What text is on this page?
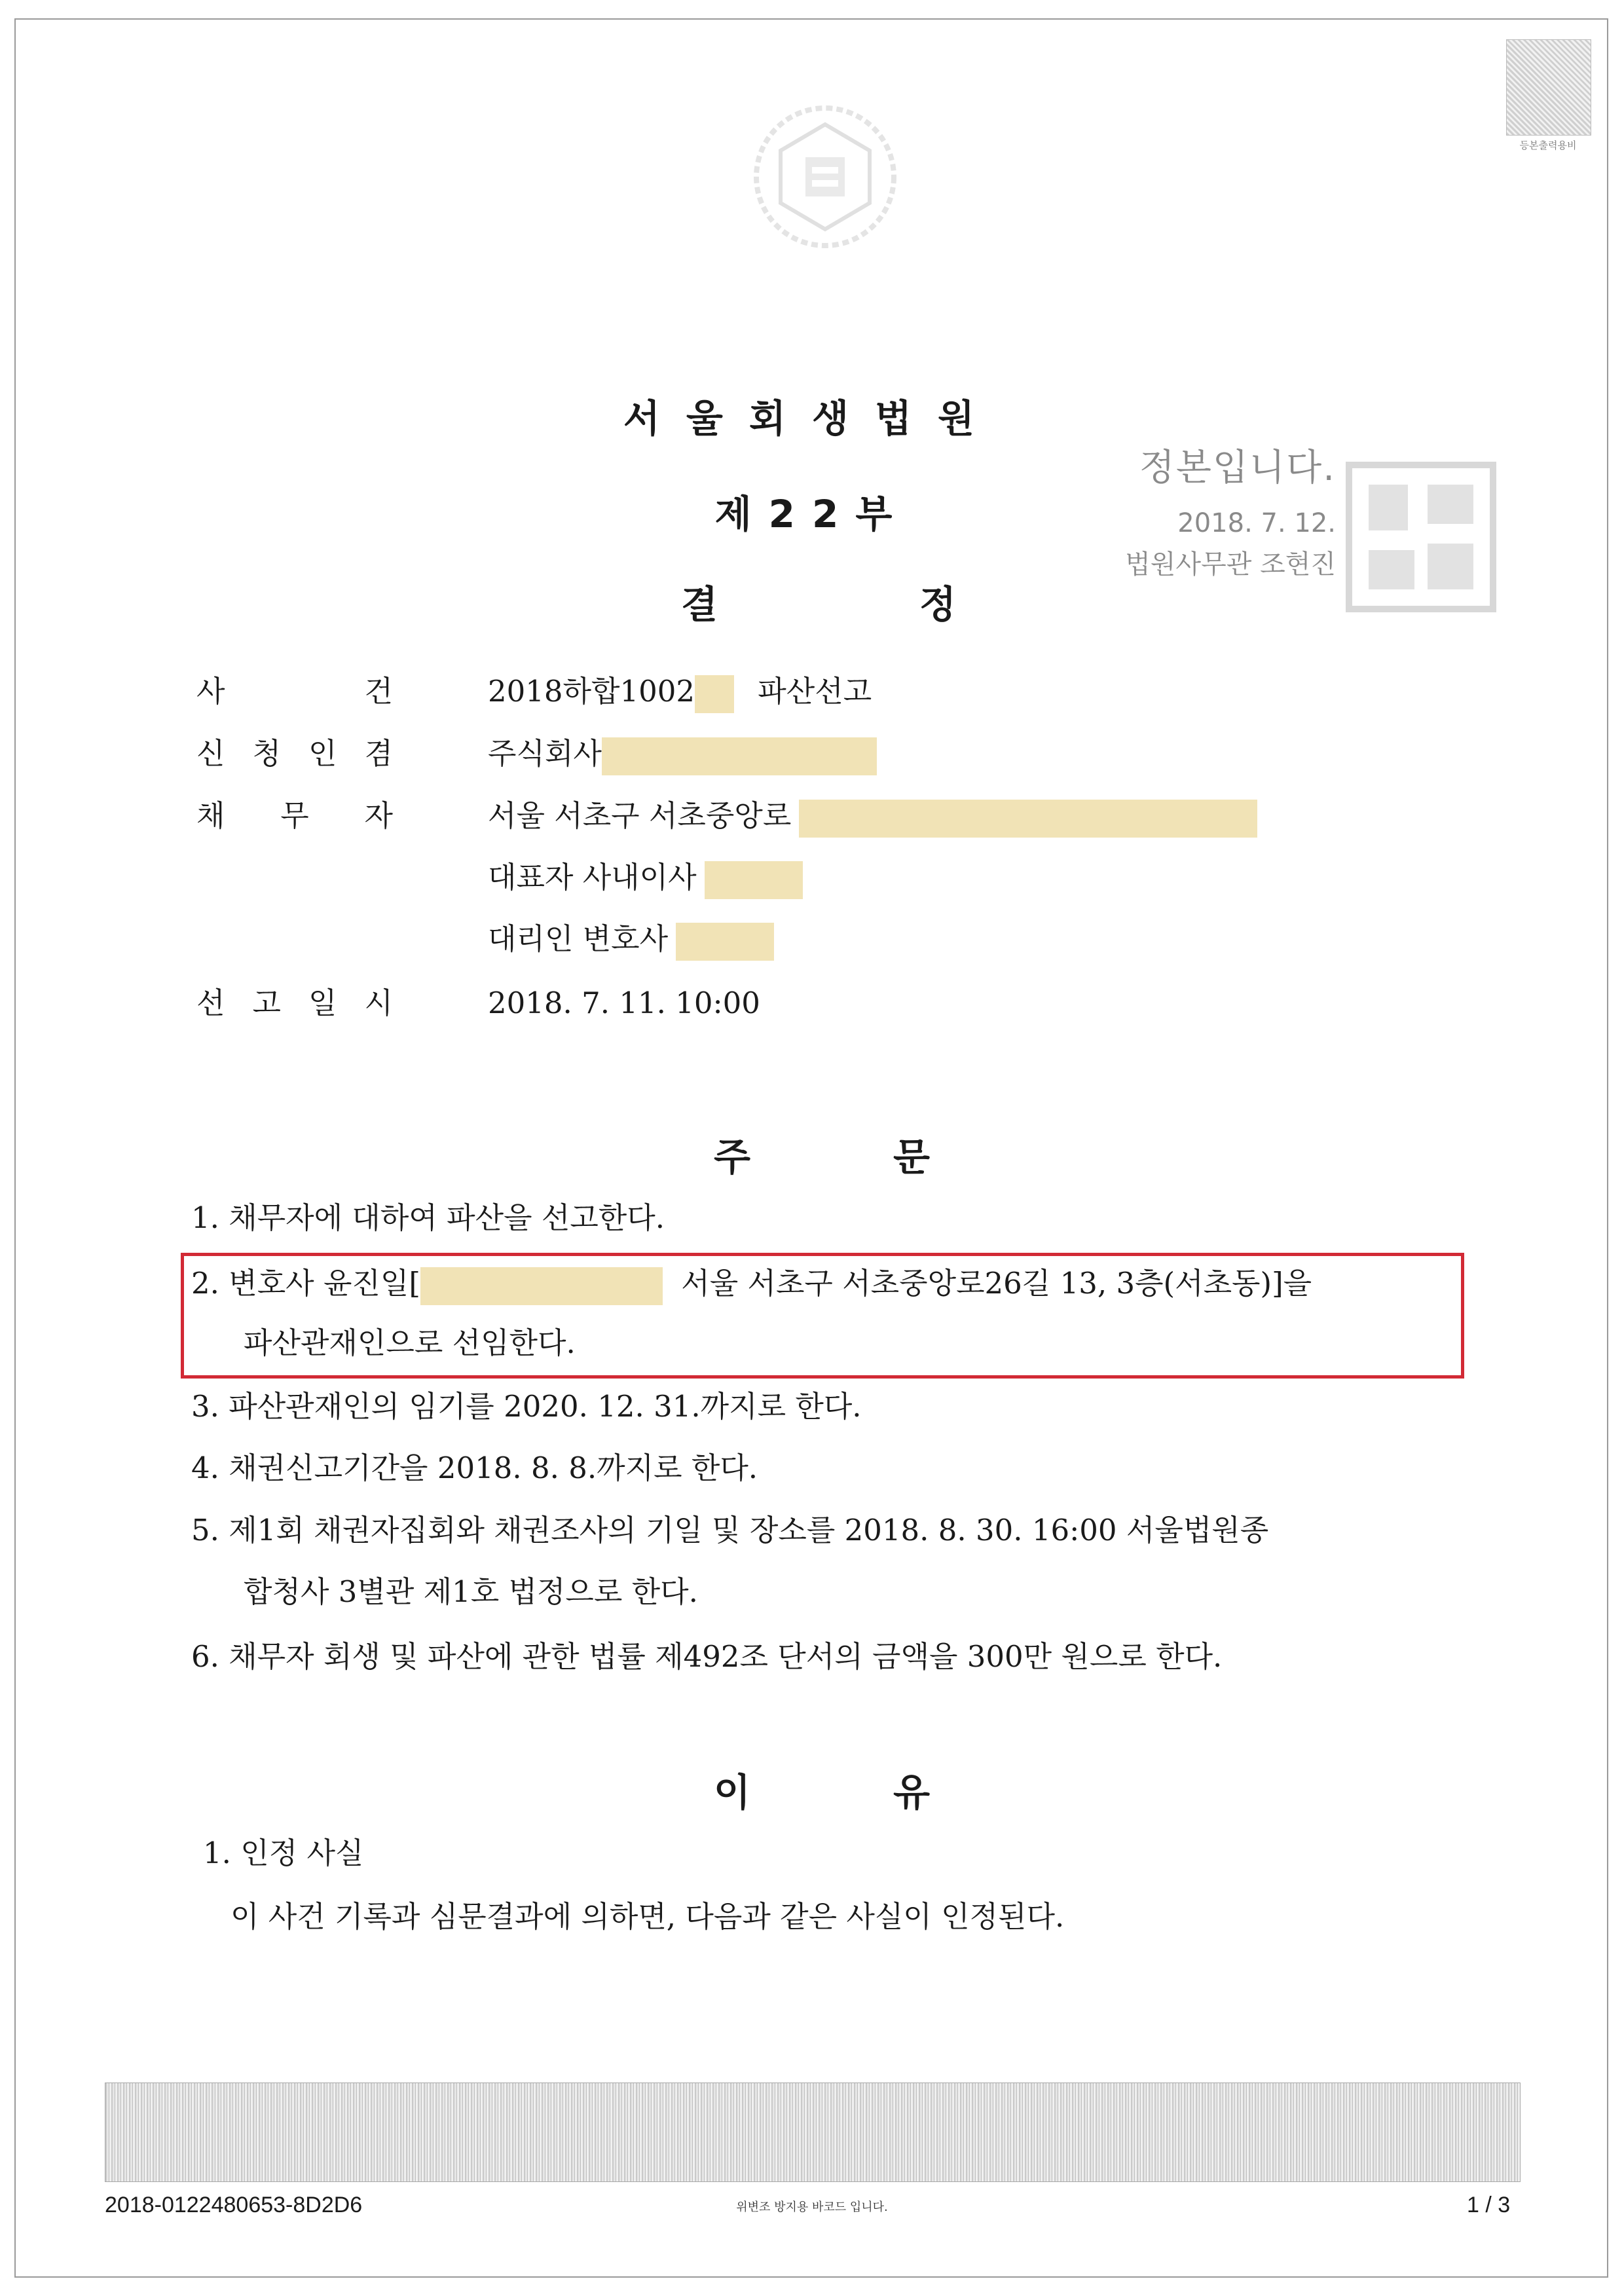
등본출력용비
서울회생법원
제22부
결	정
정본입니다.
2018. 7. 12.
법원사무관 조현진
사 건	2018하합1002 파산선고
신 청 인 겸	주식회사
채 무 자	서울 서초구 서초중앙로
대표자 사내이사
대리인 변호사
선 고 일 시	2018. 7. 11. 10:00
주	문
1. 채무자에 대하여 파산을 선고한다.
2. 변호사 윤진일[	서울 서초구 서초중앙로26길 13, 3층(서초동)]을
파산관재인으로 선임한다.
3. 파산관재인의 임기를 2020. 12. 31.까지로 한다.
4. 채권신고기간을 2018. 8. 8.까지로 한다.
5. 제1회 채권자집회와 채권조사의 기일 및 장소를 2018. 8. 30. 16:00 서울법원종
합청사 3별관 제1호 법정으로 한다.
6. 채무자 회생 및 파산에 관한 법률 제492조 단서의 금액을 300만 원으로 한다.
이	유
1. 인정 사실
이 사건 기록과 심문결과에 의하면, 다음과 같은 사실이 인정된다.
2018-0122480653-8D2D6	위변조 방지용 바코드 입니다.	1 / 3
